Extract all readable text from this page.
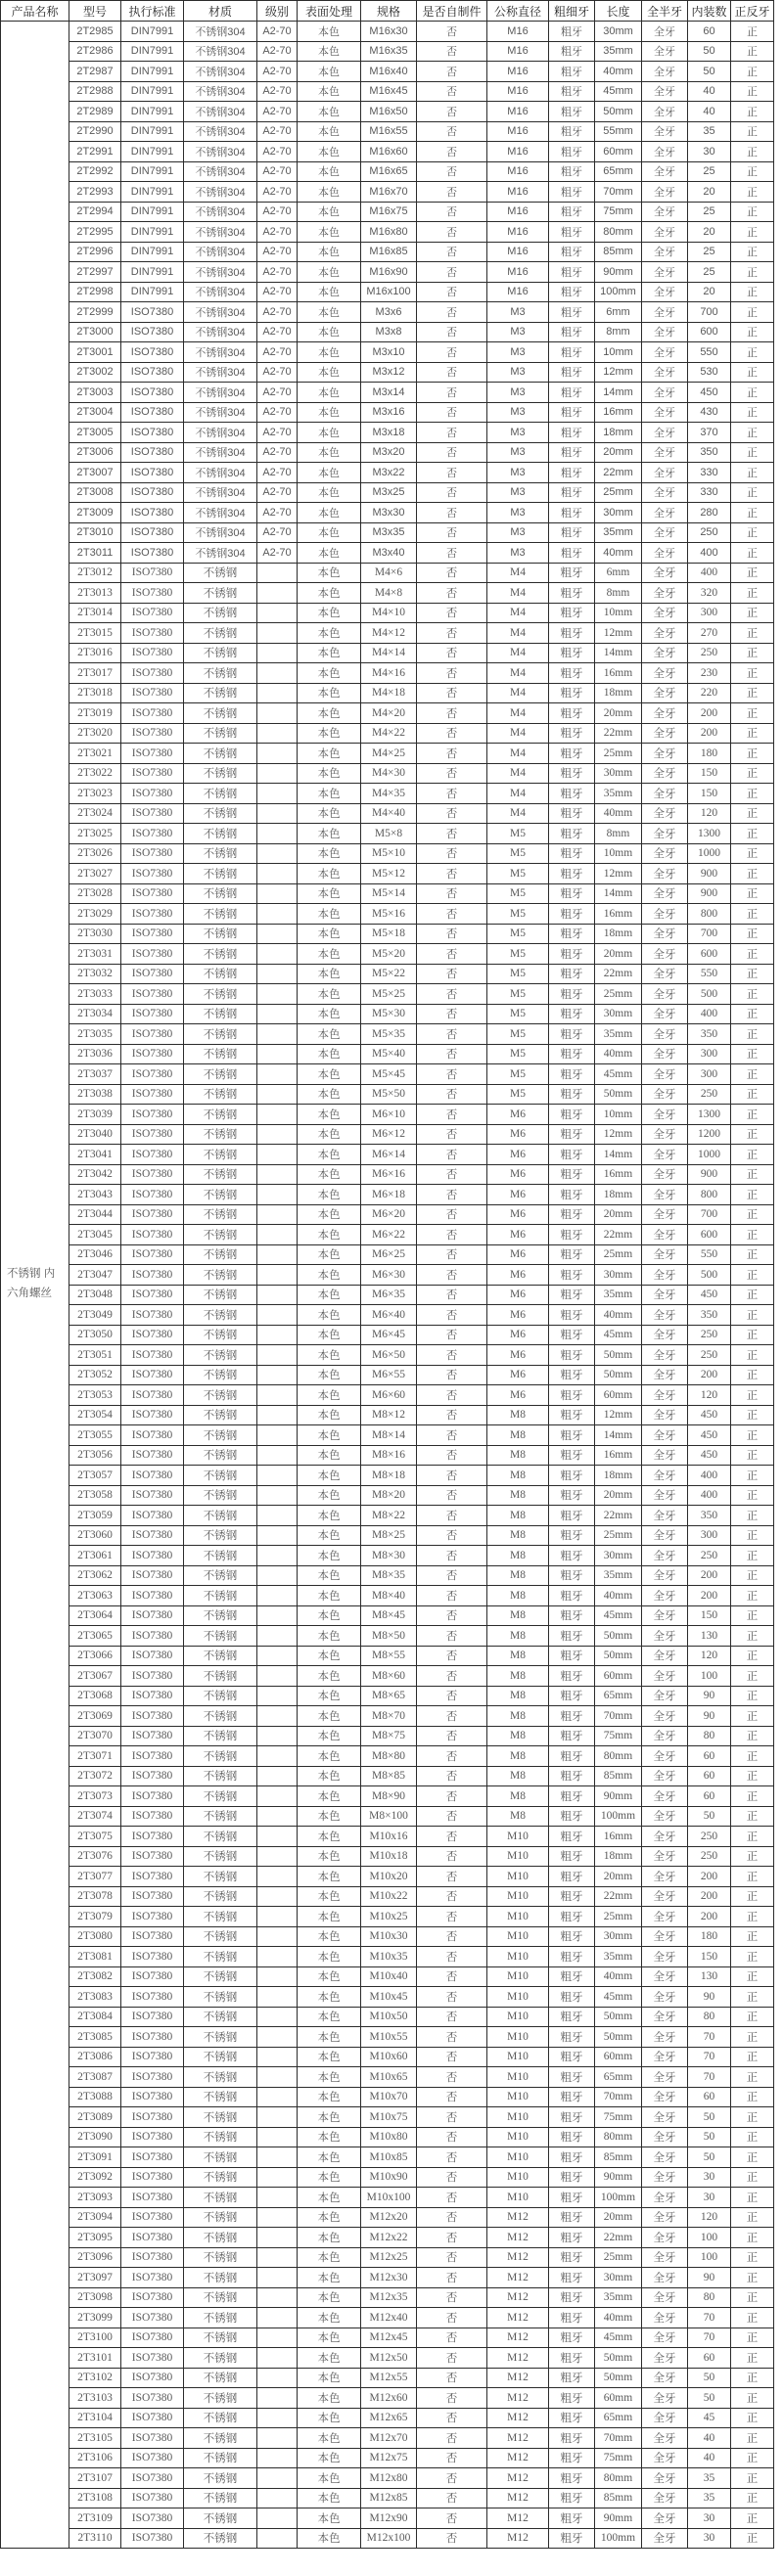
产品名称	型号	执行标准	材质	级别	表面处理	规格	是否自制件	公称直径	粗细牙	长度	全半牙	内装数	正反牙
不锈钢 内六角螺丝	2T2985	DIN7991	不锈钢304	A2-70	本色	M16x30	否	M16	粗牙	30mm	全牙	60	正
	2T2986	DIN7991	不锈钢304	A2-70	本色	M16x35	否	M16	粗牙	35mm	全牙	50	正
	2T2987	DIN7991	不锈钢304	A2-70	本色	M16x40	否	M16	粗牙	40mm	全牙	50	正
	2T2988	DIN7991	不锈钢304	A2-70	本色	M16x45	否	M16	粗牙	45mm	全牙	40	正
	2T2989	DIN7991	不锈钢304	A2-70	本色	M16x50	否	M16	粗牙	50mm	全牙	40	正
	2T2990	DIN7991	不锈钢304	A2-70	本色	M16x55	否	M16	粗牙	55mm	全牙	35	正
	2T2991	DIN7991	不锈钢304	A2-70	本色	M16x60	否	M16	粗牙	60mm	全牙	30	正
	2T2992	DIN7991	不锈钢304	A2-70	本色	M16x65	否	M16	粗牙	65mm	全牙	25	正
	2T2993	DIN7991	不锈钢304	A2-70	本色	M16x70	否	M16	粗牙	70mm	全牙	20	正
	2T2994	DIN7991	不锈钢304	A2-70	本色	M16x75	否	M16	粗牙	75mm	全牙	25	正
	2T2995	DIN7991	不锈钢304	A2-70	本色	M16x80	否	M16	粗牙	80mm	全牙	20	正
	2T2996	DIN7991	不锈钢304	A2-70	本色	M16x85	否	M16	粗牙	85mm	全牙	25	正
	2T2997	DIN7991	不锈钢304	A2-70	本色	M16x90	否	M16	粗牙	90mm	全牙	25	正
	2T2998	DIN7991	不锈钢304	A2-70	本色	M16x100	否	M16	粗牙	100mm	全牙	20	正
	2T2999	ISO7380	不锈钢304	A2-70	本色	M3x6	否	M3	粗牙	6mm	全牙	700	正
	2T3000	ISO7380	不锈钢304	A2-70	本色	M3x8	否	M3	粗牙	8mm	全牙	600	正
	2T3001	ISO7380	不锈钢304	A2-70	本色	M3x10	否	M3	粗牙	10mm	全牙	550	正
	2T3002	ISO7380	不锈钢304	A2-70	本色	M3x12	否	M3	粗牙	12mm	全牙	530	正
	2T3003	ISO7380	不锈钢304	A2-70	本色	M3x14	否	M3	粗牙	14mm	全牙	450	正
	2T3004	ISO7380	不锈钢304	A2-70	本色	M3x16	否	M3	粗牙	16mm	全牙	430	正
	2T3005	ISO7380	不锈钢304	A2-70	本色	M3x18	否	M3	粗牙	18mm	全牙	370	正
	2T3006	ISO7380	不锈钢304	A2-70	本色	M3x20	否	M3	粗牙	20mm	全牙	350	正
	2T3007	ISO7380	不锈钢304	A2-70	本色	M3x22	否	M3	粗牙	22mm	全牙	330	正
	2T3008	ISO7380	不锈钢304	A2-70	本色	M3x25	否	M3	粗牙	25mm	全牙	330	正
	2T3009	ISO7380	不锈钢304	A2-70	本色	M3x30	否	M3	粗牙	30mm	全牙	280	正
	2T3010	ISO7380	不锈钢304	A2-70	本色	M3x35	否	M3	粗牙	35mm	全牙	250	正
	2T3011	ISO7380	不锈钢304	A2-70	本色	M3x40	否	M3	粗牙	40mm	全牙	400	正
	2T3012	ISO7380	不锈钢		本色	M4×6	否	M4	粗牙	6mm	全牙	400	正
	2T3013	ISO7380	不锈钢		本色	M4×8	否	M4	粗牙	8mm	全牙	320	正
	2T3014	ISO7380	不锈钢		本色	M4×10	否	M4	粗牙	10mm	全牙	300	正
	2T3015	ISO7380	不锈钢		本色	M4×12	否	M4	粗牙	12mm	全牙	270	正
	2T3016	ISO7380	不锈钢		本色	M4×14	否	M4	粗牙	14mm	全牙	250	正
	2T3017	ISO7380	不锈钢		本色	M4×16	否	M4	粗牙	16mm	全牙	230	正
	2T3018	ISO7380	不锈钢		本色	M4×18	否	M4	粗牙	18mm	全牙	220	正
	2T3019	ISO7380	不锈钢		本色	M4×20	否	M4	粗牙	20mm	全牙	200	正
	2T3020	ISO7380	不锈钢		本色	M4×22	否	M4	粗牙	22mm	全牙	200	正
	2T3021	ISO7380	不锈钢		本色	M4×25	否	M4	粗牙	25mm	全牙	180	正
	2T3022	ISO7380	不锈钢		本色	M4×30	否	M4	粗牙	30mm	全牙	150	正
	2T3023	ISO7380	不锈钢		本色	M4×35	否	M4	粗牙	35mm	全牙	150	正
	2T3024	ISO7380	不锈钢		本色	M4×40	否	M4	粗牙	40mm	全牙	120	正
	2T3025	ISO7380	不锈钢		本色	M5×8	否	M5	粗牙	8mm	全牙	1300	正
	2T3026	ISO7380	不锈钢		本色	M5×10	否	M5	粗牙	10mm	全牙	1000	正
	2T3027	ISO7380	不锈钢		本色	M5×12	否	M5	粗牙	12mm	全牙	900	正
	2T3028	ISO7380	不锈钢		本色	M5×14	否	M5	粗牙	14mm	全牙	900	正
	2T3029	ISO7380	不锈钢		本色	M5×16	否	M5	粗牙	16mm	全牙	800	正
	2T3030	ISO7380	不锈钢		本色	M5×18	否	M5	粗牙	18mm	全牙	700	正
	2T3031	ISO7380	不锈钢		本色	M5×20	否	M5	粗牙	20mm	全牙	600	正
	2T3032	ISO7380	不锈钢		本色	M5×22	否	M5	粗牙	22mm	全牙	550	正
	2T3033	ISO7380	不锈钢		本色	M5×25	否	M5	粗牙	25mm	全牙	500	正
	2T3034	ISO7380	不锈钢		本色	M5×30	否	M5	粗牙	30mm	全牙	400	正
	2T3035	ISO7380	不锈钢		本色	M5×35	否	M5	粗牙	35mm	全牙	350	正
	2T3036	ISO7380	不锈钢		本色	M5×40	否	M5	粗牙	40mm	全牙	300	正
	2T3037	ISO7380	不锈钢		本色	M5×45	否	M5	粗牙	45mm	全牙	300	正
	2T3038	ISO7380	不锈钢		本色	M5×50	否	M5	粗牙	50mm	全牙	250	正
	2T3039	ISO7380	不锈钢		本色	M6×10	否	M6	粗牙	10mm	全牙	1300	正
	2T3040	ISO7380	不锈钢		本色	M6×12	否	M6	粗牙	12mm	全牙	1200	正
	2T3041	ISO7380	不锈钢		本色	M6×14	否	M6	粗牙	14mm	全牙	1000	正
	2T3042	ISO7380	不锈钢		本色	M6×16	否	M6	粗牙	16mm	全牙	900	正
	2T3043	ISO7380	不锈钢		本色	M6×18	否	M6	粗牙	18mm	全牙	800	正
	2T3044	ISO7380	不锈钢		本色	M6×20	否	M6	粗牙	20mm	全牙	700	正
	2T3045	ISO7380	不锈钢		本色	M6×22	否	M6	粗牙	22mm	全牙	600	正
	2T3046	ISO7380	不锈钢		本色	M6×25	否	M6	粗牙	25mm	全牙	550	正
	2T3047	ISO7380	不锈钢		本色	M6×30	否	M6	粗牙	30mm	全牙	500	正
	2T3048	ISO7380	不锈钢		本色	M6×35	否	M6	粗牙	35mm	全牙	450	正
	2T3049	ISO7380	不锈钢		本色	M6×40	否	M6	粗牙	40mm	全牙	350	正
	2T3050	ISO7380	不锈钢		本色	M6×45	否	M6	粗牙	45mm	全牙	250	正
	2T3051	ISO7380	不锈钢		本色	M6×50	否	M6	粗牙	50mm	全牙	250	正
	2T3052	ISO7380	不锈钢		本色	M6×55	否	M6	粗牙	50mm	全牙	200	正
	2T3053	ISO7380	不锈钢		本色	M6×60	否	M6	粗牙	60mm	全牙	120	正
	2T3054	ISO7380	不锈钢		本色	M8×12	否	M8	粗牙	12mm	全牙	450	正
	2T3055	ISO7380	不锈钢		本色	M8×14	否	M8	粗牙	14mm	全牙	450	正
	2T3056	ISO7380	不锈钢		本色	M8×16	否	M8	粗牙	16mm	全牙	450	正
	2T3057	ISO7380	不锈钢		本色	M8×18	否	M8	粗牙	18mm	全牙	400	正
	2T3058	ISO7380	不锈钢		本色	M8×20	否	M8	粗牙	20mm	全牙	400	正
	2T3059	ISO7380	不锈钢		本色	M8×22	否	M8	粗牙	22mm	全牙	350	正
	2T3060	ISO7380	不锈钢		本色	M8×25	否	M8	粗牙	25mm	全牙	300	正
	2T3061	ISO7380	不锈钢		本色	M8×30	否	M8	粗牙	30mm	全牙	250	正
	2T3062	ISO7380	不锈钢		本色	M8×35	否	M8	粗牙	35mm	全牙	200	正
	2T3063	ISO7380	不锈钢		本色	M8×40	否	M8	粗牙	40mm	全牙	200	正
	2T3064	ISO7380	不锈钢		本色	M8×45	否	M8	粗牙	45mm	全牙	150	正
	2T3065	ISO7380	不锈钢		本色	M8×50	否	M8	粗牙	50mm	全牙	130	正
	2T3066	ISO7380	不锈钢		本色	M8×55	否	M8	粗牙	50mm	全牙	120	正
	2T3067	ISO7380	不锈钢		本色	M8×60	否	M8	粗牙	60mm	全牙	100	正
	2T3068	ISO7380	不锈钢		本色	M8×65	否	M8	粗牙	65mm	全牙	90	正
	2T3069	ISO7380	不锈钢		本色	M8×70	否	M8	粗牙	70mm	全牙	90	正
	2T3070	ISO7380	不锈钢		本色	M8×75	否	M8	粗牙	75mm	全牙	80	正
	2T3071	ISO7380	不锈钢		本色	M8×80	否	M8	粗牙	80mm	全牙	60	正
	2T3072	ISO7380	不锈钢		本色	M8×85	否	M8	粗牙	85mm	全牙	60	正
	2T3073	ISO7380	不锈钢		本色	M8×90	否	M8	粗牙	90mm	全牙	60	正
	2T3074	ISO7380	不锈钢		本色	M8×100	否	M8	粗牙	100mm	全牙	50	正
	2T3075	ISO7380	不锈钢		本色	M10x16	否	M10	粗牙	16mm	全牙	250	正
	2T3076	ISO7380	不锈钢		本色	M10x18	否	M10	粗牙	18mm	全牙	250	正
	2T3077	ISO7380	不锈钢		本色	M10x20	否	M10	粗牙	20mm	全牙	200	正
	2T3078	ISO7380	不锈钢		本色	M10x22	否	M10	粗牙	22mm	全牙	200	正
	2T3079	ISO7380	不锈钢		本色	M10x25	否	M10	粗牙	25mm	全牙	200	正
	2T3080	ISO7380	不锈钢		本色	M10x30	否	M10	粗牙	30mm	全牙	180	正
	2T3081	ISO7380	不锈钢		本色	M10x35	否	M10	粗牙	35mm	全牙	150	正
	2T3082	ISO7380	不锈钢		本色	M10x40	否	M10	粗牙	40mm	全牙	130	正
	2T3083	ISO7380	不锈钢		本色	M10x45	否	M10	粗牙	45mm	全牙	90	正
	2T3084	ISO7380	不锈钢		本色	M10x50	否	M10	粗牙	50mm	全牙	80	正
	2T3085	ISO7380	不锈钢		本色	M10x55	否	M10	粗牙	50mm	全牙	70	正
	2T3086	ISO7380	不锈钢		本色	M10x60	否	M10	粗牙	60mm	全牙	70	正
	2T3087	ISO7380	不锈钢		本色	M10x65	否	M10	粗牙	65mm	全牙	70	正
	2T3088	ISO7380	不锈钢		本色	M10x70	否	M10	粗牙	70mm	全牙	60	正
	2T3089	ISO7380	不锈钢		本色	M10x75	否	M10	粗牙	75mm	全牙	50	正
	2T3090	ISO7380	不锈钢		本色	M10x80	否	M10	粗牙	80mm	全牙	50	正
	2T3091	ISO7380	不锈钢		本色	M10x85	否	M10	粗牙	85mm	全牙	50	正
	2T3092	ISO7380	不锈钢		本色	M10x90	否	M10	粗牙	90mm	全牙	30	正
	2T3093	ISO7380	不锈钢		本色	M10x100	否	M10	粗牙	100mm	全牙	30	正
	2T3094	ISO7380	不锈钢		本色	M12x20	否	M12	粗牙	20mm	全牙	120	正
	2T3095	ISO7380	不锈钢		本色	M12x22	否	M12	粗牙	22mm	全牙	100	正
	2T3096	ISO7380	不锈钢		本色	M12x25	否	M12	粗牙	25mm	全牙	100	正
	2T3097	ISO7380	不锈钢		本色	M12x30	否	M12	粗牙	30mm	全牙	90	正
	2T3098	ISO7380	不锈钢		本色	M12x35	否	M12	粗牙	35mm	全牙	80	正
	2T3099	ISO7380	不锈钢		本色	M12x40	否	M12	粗牙	40mm	全牙	70	正
	2T3100	ISO7380	不锈钢		本色	M12x45	否	M12	粗牙	45mm	全牙	70	正
	2T3101	ISO7380	不锈钢		本色	M12x50	否	M12	粗牙	50mm	全牙	60	正
	2T3102	ISO7380	不锈钢		本色	M12x55	否	M12	粗牙	50mm	全牙	50	正
	2T3103	ISO7380	不锈钢		本色	M12x60	否	M12	粗牙	60mm	全牙	50	正
	2T3104	ISO7380	不锈钢		本色	M12x65	否	M12	粗牙	65mm	全牙	45	正
	2T3105	ISO7380	不锈钢		本色	M12x70	否	M12	粗牙	70mm	全牙	40	正
	2T3106	ISO7380	不锈钢		本色	M12x75	否	M12	粗牙	75mm	全牙	40	正
	2T3107	ISO7380	不锈钢		本色	M12x80	否	M12	粗牙	80mm	全牙	35	正
	2T3108	ISO7380	不锈钢		本色	M12x85	否	M12	粗牙	85mm	全牙	35	正
	2T3109	ISO7380	不锈钢		本色	M12x90	否	M12	粗牙	90mm	全牙	30	正
	2T3110	ISO7380	不锈钢		本色	M12x100	否	M12	粗牙	100mm	全牙	30	正
